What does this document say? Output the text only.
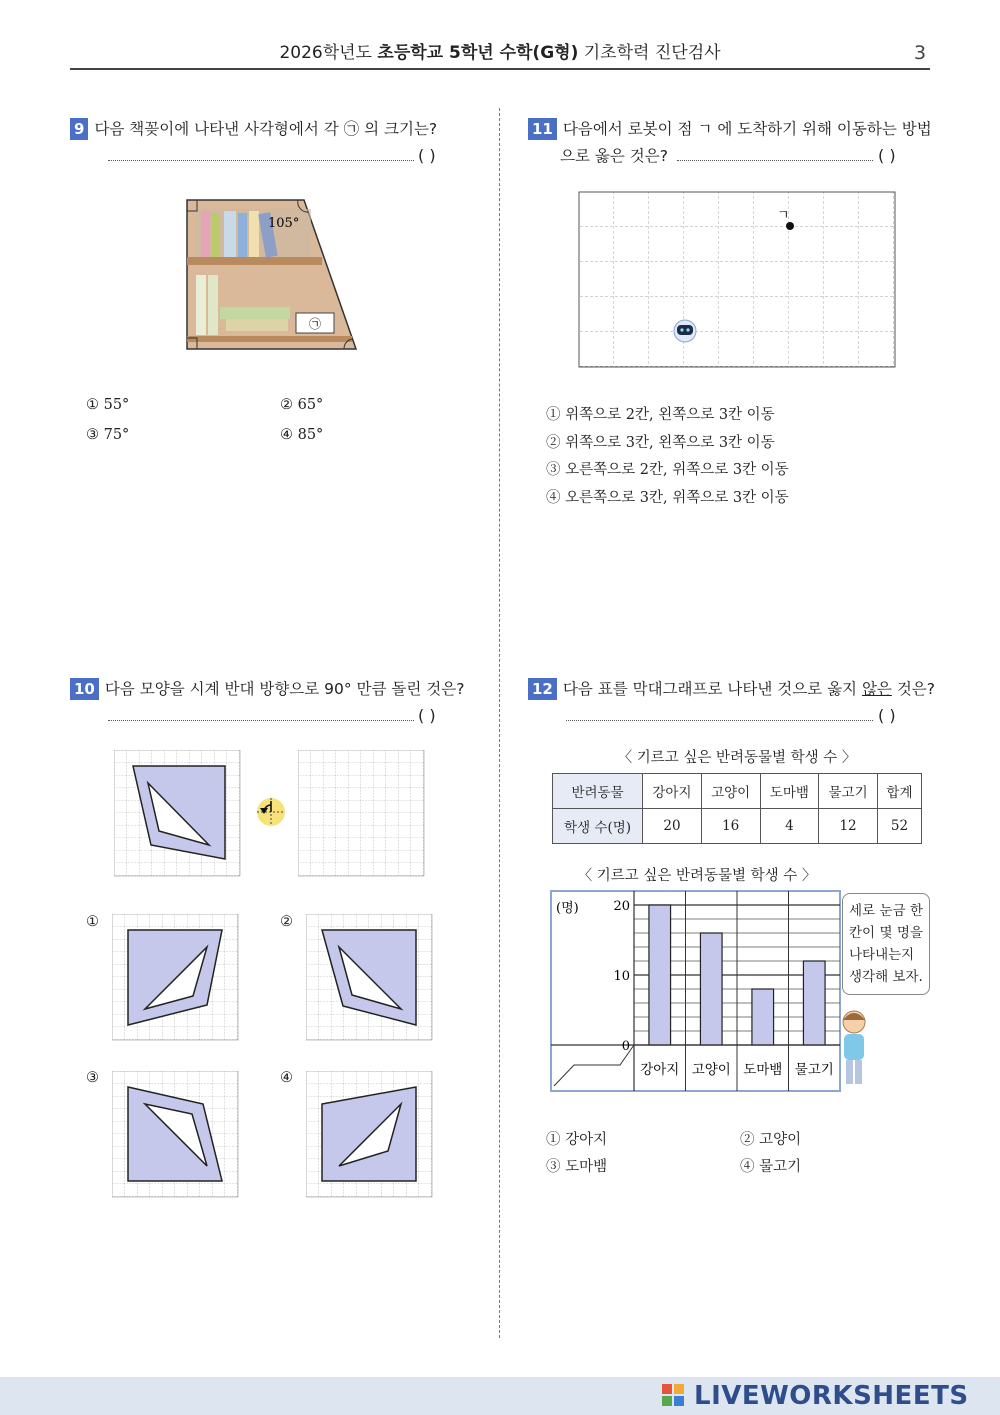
2026학년도 초등학교 5학년 수학(G형) 기초학력 진단검사	3
9 다음 책꽂이에 나타낸 사각형에서 각 ㉠ 의 크기는?
( )
㉠
105°
① 55°	② 65°
③ 75°	④ 85°
10 다음 모양을 시계 반대 방향으로 90° 만큼 돌린 것은?
( )
①	②
③	④
11 다음에서 로봇이 점 ㄱ 에 도착하기 위해 이동하는 방법
으로 옳은 것은?	( )
ㄱ
① 위쪽으로 2칸, 왼쪽으로 3칸 이동
② 위쪽으로 3칸, 왼쪽으로 3칸 이동
③ 오른쪽으로 2칸, 위쪽으로 3칸 이동
④ 오른쪽으로 3칸, 위쪽으로 3칸 이동
12 다음 표를 막대그래프로 나타낸 것으로 옳지 않은 것은?
( )
〈 기르고 싶은 반려동물별 학생 수 〉
반려동물	강아지	고양이	도마뱀	물고기	합계
학생 수(명)	20	16	4	12	52
〈 기르고 싶은 반려동물별 학생 수 〉
(명)
0
10
20
강아지 고양이 도마뱀 물고기
세로 눈금 한 칸이 몇 명을 나타내는지 생각해 보자.
① 강아지	② 고양이
③ 도마뱀	④ 물고기
LIVEWORKSHEETS
